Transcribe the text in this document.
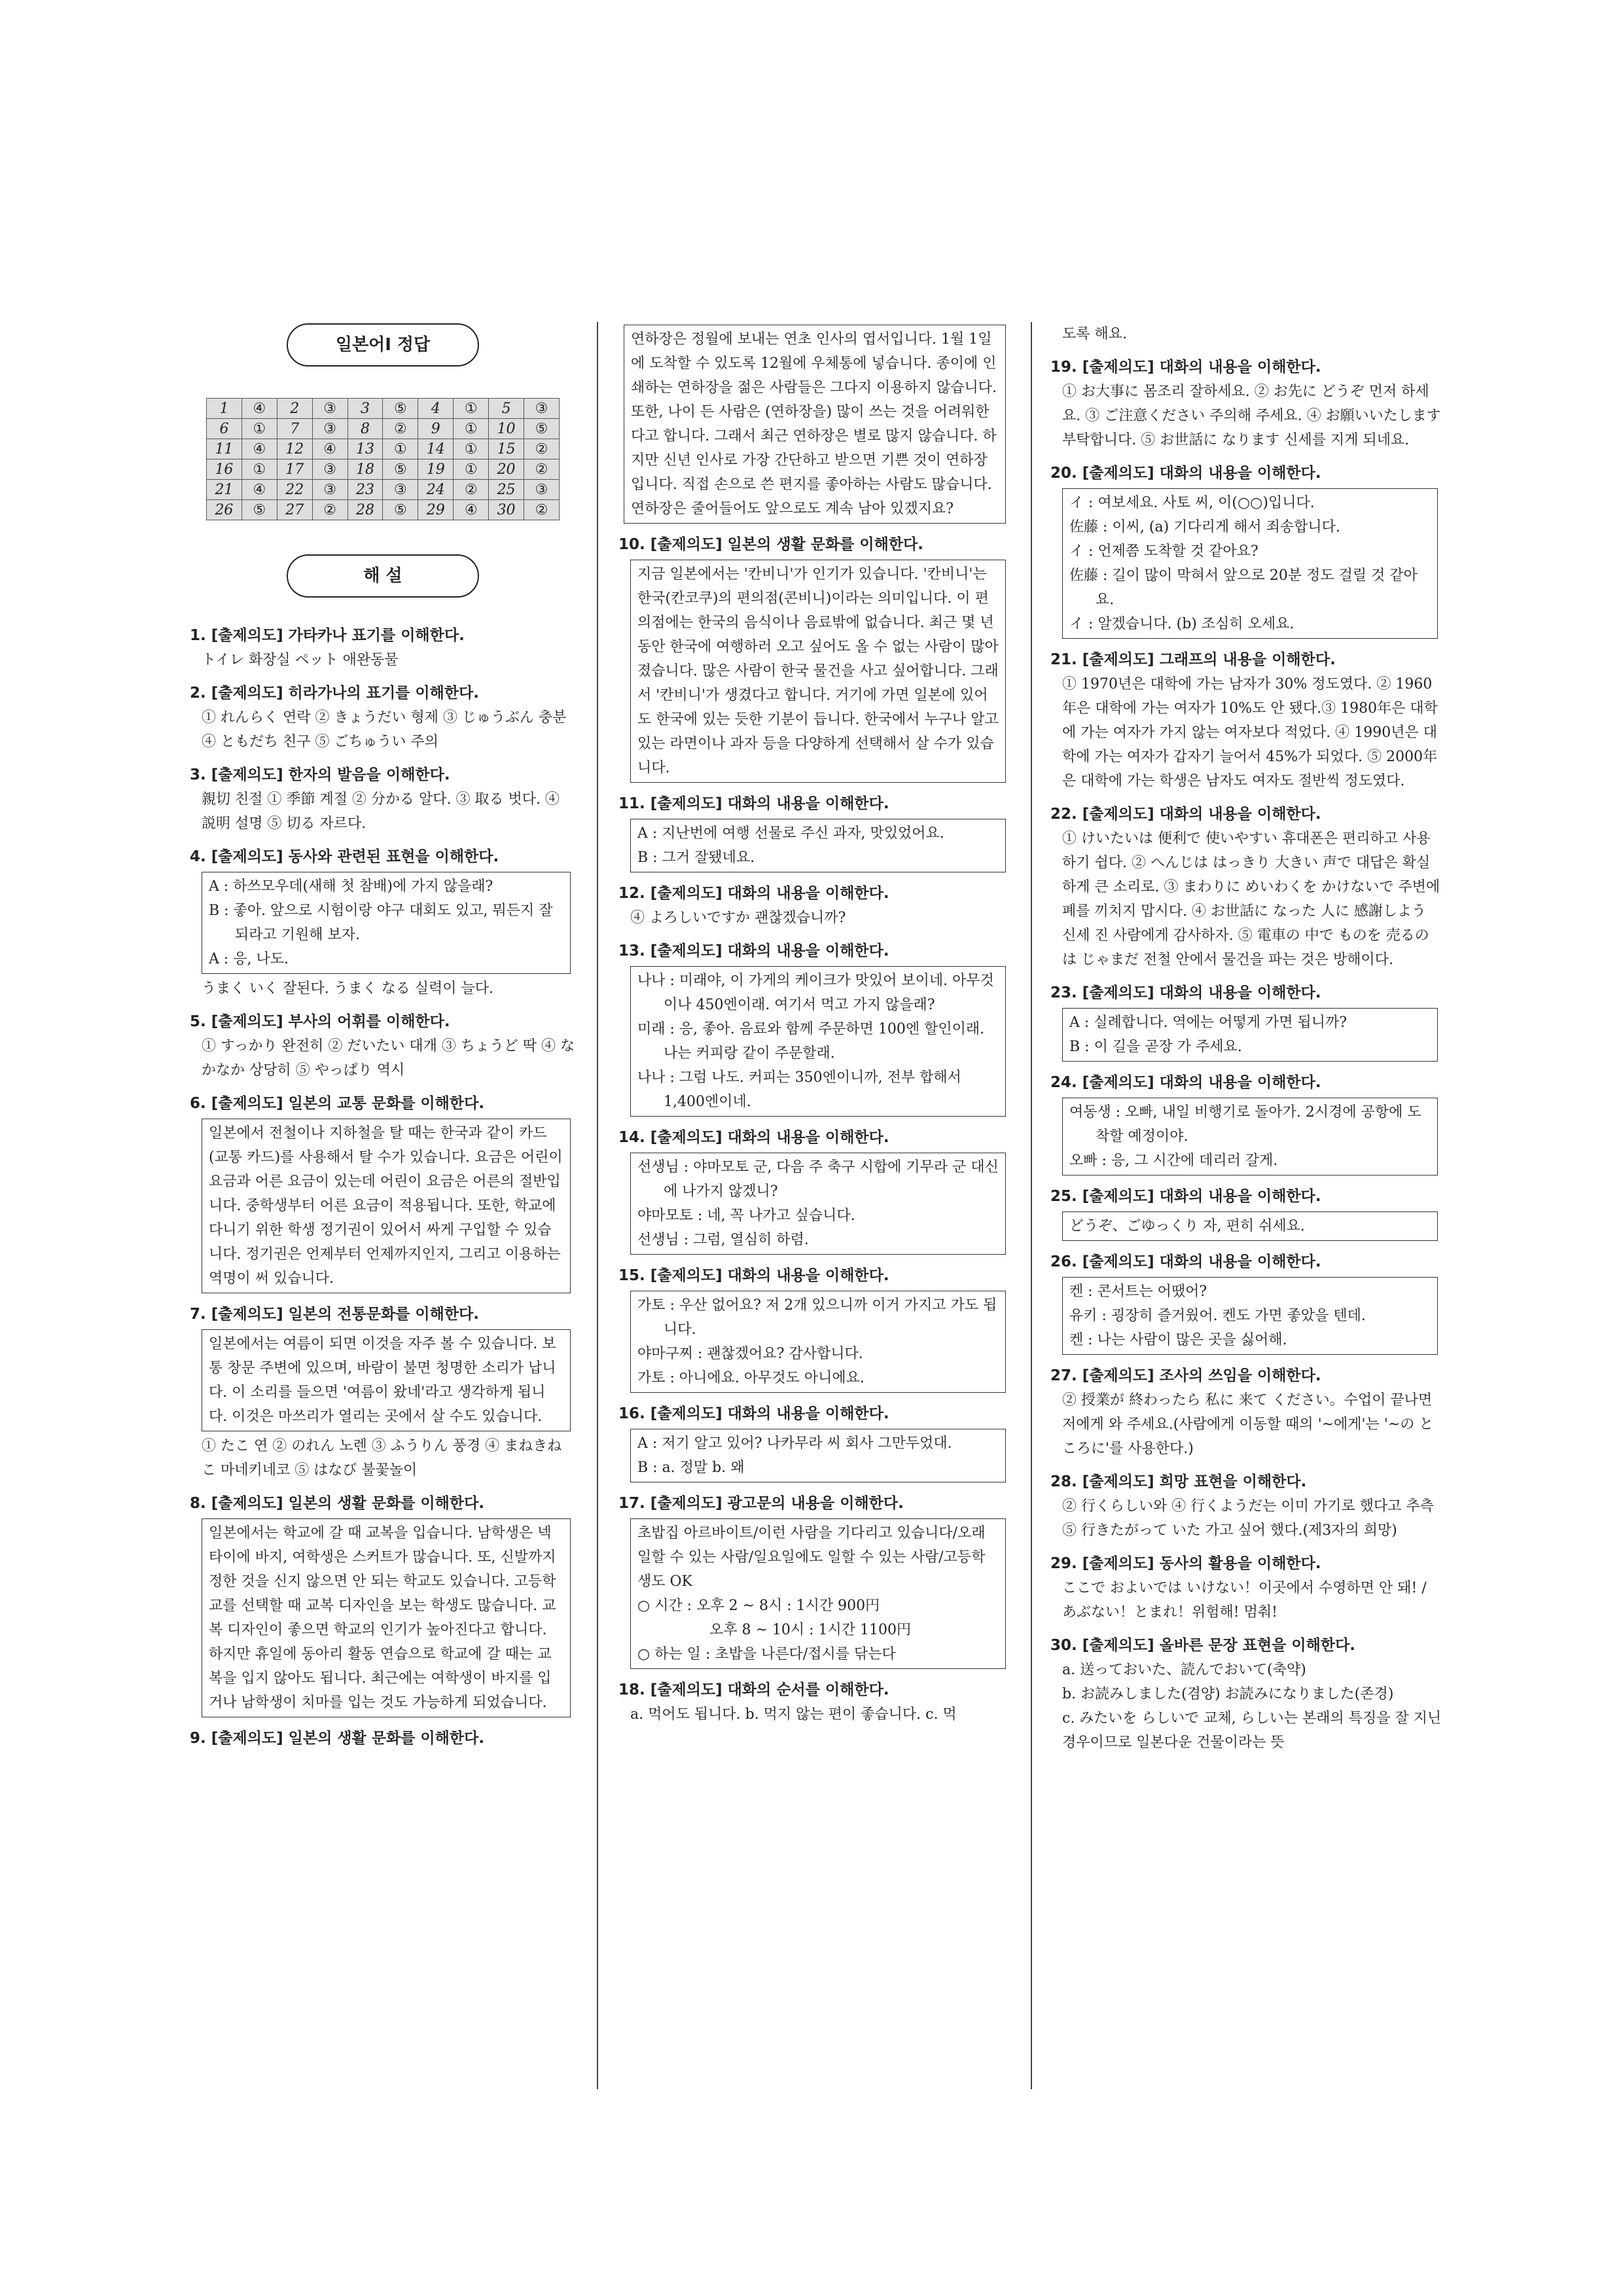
일본어Ⅰ 정답
1	④	2	③	3	⑤	4	①	5	③
6	①	7	③	8	②	9	①	10	⑤
11	④	12	④	13	①	14	①	15	②
16	①	17	③	18	⑤	19	①	20	②
21	④	22	③	23	③	24	②	25	③
26	⑤	27	②	28	⑤	29	④	30	②
해 설
1. [출제의도] 가타카나 표기를 이해한다.
トイレ 화장실 ペット 애완동물
2. [출제의도] 히라가나의 표기를 이해한다.
① れんらく 연락 ② きょうだい 형제 ③ じゅうぶん 충분 ④ ともだち 친구 ⑤ ごちゅうい 주의
3. [출제의도] 한자의 발음을 이해한다.
親切 친절 ① 季節 계절 ② 分かる 알다. ③ 取る 벗다. ④ 説明 설명 ⑤ 切る 자르다.
4. [출제의도] 동사와 관련된 표현을 이해한다.
A : 하쓰모우데(새해 첫 참배)에 가지 않을래?
B : 좋아. 앞으로 시험이랑 야구 대회도 있고, 뭐든지 잘 되라고 기원해 보자.
A : 응, 나도.
うまく いく 잘된다. うまく なる 실력이 늘다.
5. [출제의도] 부사의 어휘를 이해한다.
① すっかり 완전히 ② だいたい 대개 ③ ちょうど 딱 ④ なかなか 상당히 ⑤ やっぱり 역시
6. [출제의도] 일본의 교통 문화를 이해한다.
일본에서 전철이나 지하철을 탈 때는 한국과 같이 카드(교통 카드)를 사용해서 탈 수가 있습니다. 요금은 어린이 요금과 어른 요금이 있는데 어린이 요금은 어른의 절반입니다. 중학생부터 어른 요금이 적용됩니다. 또한, 학교에 다니기 위한 학생 정기권이 있어서 싸게 구입할 수 있습니다. 정기권은 언제부터 언제까지인지, 그리고 이용하는 역명이 써 있습니다.
7. [출제의도] 일본의 전통문화를 이해한다.
일본에서는 여름이 되면 이것을 자주 볼 수 있습니다. 보통 창문 주변에 있으며, 바람이 불면 청명한 소리가 납니다. 이 소리를 들으면 '여름이 왔네'라고 생각하게 됩니다. 이것은 마쓰리가 열리는 곳에서 살 수도 있습니다.
① たこ 연 ② のれん 노렌 ③ ふうりん 풍경 ④ まねきねこ 마네키네코 ⑤ はなび 불꽃놀이
8. [출제의도] 일본의 생활 문화를 이해한다.
일본에서는 학교에 갈 때 교복을 입습니다. 남학생은 넥타이에 바지, 여학생은 스커트가 많습니다. 또, 신발까지 정한 것을 신지 않으면 안 되는 학교도 있습니다. 고등학교를 선택할 때 교복 디자인을 보는 학생도 많습니다. 교복 디자인이 좋으면 학교의 인기가 높아진다고 합니다. 하지만 휴일에 동아리 활동 연습으로 학교에 갈 때는 교복을 입지 않아도 됩니다. 최근에는 여학생이 바지를 입거나 남학생이 치마를 입는 것도 가능하게 되었습니다.
9. [출제의도] 일본의 생활 문화를 이해한다.
연하장은 정월에 보내는 연초 인사의 엽서입니다. 1월 1일에 도착할 수 있도록 12월에 우체통에 넣습니다. 종이에 인쇄하는 연하장을 젊은 사람들은 그다지 이용하지 않습니다. 또한, 나이 든 사람은 (연하장을) 많이 쓰는 것을 어려워한다고 합니다. 그래서 최근 연하장은 별로 많지 않습니다. 하지만 신년 인사로 가장 간단하고 받으면 기쁜 것이 연하장입니다. 직접 손으로 쓴 편지를 좋아하는 사람도 많습니다. 연하장은 줄어들어도 앞으로도 계속 남아 있겠지요?
10. [출제의도] 일본의 생활 문화를 이해한다.
지금 일본에서는 '칸비니'가 인기가 있습니다. '칸비니'는 한국(칸코쿠)의 편의점(콘비니)이라는 의미입니다. 이 편의점에는 한국의 음식이나 음료밖에 없습니다. 최근 몇 년 동안 한국에 여행하러 오고 싶어도 올 수 없는 사람이 많아졌습니다. 많은 사람이 한국 물건을 사고 싶어합니다. 그래서 '칸비니'가 생겼다고 합니다. 거기에 가면 일본에 있어도 한국에 있는 듯한 기분이 듭니다. 한국에서 누구나 알고 있는 라면이나 과자 등을 다양하게 선택해서 살 수가 있습니다.
11. [출제의도] 대화의 내용을 이해한다.
A : 지난번에 여행 선물로 주신 과자, 맛있었어요.
B : 그거 잘됐네요.
12. [출제의도] 대화의 내용을 이해한다.
④ よろしいですか 괜찮겠습니까?
13. [출제의도] 대화의 내용을 이해한다.
나나 : 미래야, 이 가게의 케이크가 맛있어 보이네. 아무것이나 450엔이래. 여기서 먹고 가지 않을래?
미래 : 응, 좋아. 음료와 함께 주문하면 100엔 할인이래. 나는 커피랑 같이 주문할래.
나나 : 그럼 나도. 커피는 350엔이니까, 전부 합해서 1,400엔이네.
14. [출제의도] 대화의 내용을 이해한다.
선생님 : 야마모토 군, 다음 주 축구 시합에 기무라 군 대신에 나가지 않겠니?
야마모토 : 네, 꼭 나가고 싶습니다.
선생님 : 그럼, 열심히 하렴.
15. [출제의도] 대화의 내용을 이해한다.
가토 : 우산 없어요? 저 2개 있으니까 이거 가지고 가도 됩니다.
야마구찌 : 괜찮겠어요? 감사합니다.
가토 : 아니에요. 아무것도 아니에요.
16. [출제의도] 대화의 내용을 이해한다.
A : 저기 알고 있어? 나카무라 씨 회사 그만두었대.
B : a. 정말 b. 왜
17. [출제의도] 광고문의 내용을 이해한다.
초밥집 아르바이트/이런 사람을 기다리고 있습니다/오래 일할 수 있는 사람/일요일에도 일할 수 있는 사람/고등학생도 OK
○ 시간 : 오후 2 ~ 8시 : 1시간 900円
　　　　　오후 8 ~ 10시 : 1시간 1100円
○ 하는 일 : 초밥을 나른다/접시를 닦는다
18. [출제의도] 대화의 순서를 이해한다.
a. 먹어도 됩니다. b. 먹지 않는 편이 좋습니다. c. 먹
도록 해요.
19. [출제의도] 대화의 내용을 이해한다.
① お大事に 몸조리 잘하세요. ② お先に どうぞ 먼저 하세요. ③ ご注意ください 주의해 주세요. ④ お願いいたします 부탁합니다. ⑤ お世話に なります 신세를 지게 되네요.
20. [출제의도] 대화의 내용을 이해한다.
イ : 여보세요. 사토 씨, 이(○○)입니다.
佐藤 : 이씨, (a) 기다리게 해서 죄송합니다.
イ : 언제쯤 도착할 것 같아요?
佐藤 : 길이 많이 막혀서 앞으로 20분 정도 걸릴 것 같아요.
イ : 알겠습니다. (b) 조심히 오세요.
21. [출제의도] 그래프의 내용을 이해한다.
① 1970년은 대학에 가는 남자가 30% 정도였다. ② 1960年은 대학에 가는 여자가 10%도 안 됐다.③ 1980年은 대학에 가는 여자가 가지 않는 여자보다 적었다. ④ 1990년은 대학에 가는 여자가 갑자기 늘어서 45%가 되었다. ⑤ 2000年은 대학에 가는 학생은 남자도 여자도 절반씩 정도였다.
22. [출제의도] 대화의 내용을 이해한다.
① けいたいは 便利で 使いやすい 휴대폰은 편리하고 사용하기 쉽다. ② へんじは はっきり 大きい 声で 대답은 확실하게 큰 소리로. ③ まわりに めいわくを かけないで 주변에 폐를 끼치지 맙시다. ④ お世話に なった 人に 感謝しよう 신세 진 사람에게 감사하자. ⑤ 電車の 中で ものを 売るのは じゃまだ 전철 안에서 물건을 파는 것은 방해이다.
23. [출제의도] 대화의 내용을 이해한다.
A : 실례합니다. 역에는 어떻게 가면 됩니까?
B : 이 길을 곧장 가 주세요.
24. [출제의도] 대화의 내용을 이해한다.
여동생 : 오빠, 내일 비행기로 돌아가. 2시경에 공항에 도착할 예정이야.
오빠 : 응, 그 시간에 데리러 갈게.
25. [출제의도] 대화의 내용을 이해한다.
どうぞ、ごゆっくり 자, 편히 쉬세요.
26. [출제의도] 대화의 내용을 이해한다.
켄 : 콘서트는 어땠어?
유키 : 굉장히 즐거웠어. 켄도 가면 좋았을 텐데.
켄 : 나는 사람이 많은 곳을 싫어해.
27. [출제의도] 조사의 쓰임을 이해한다.
② 授業が 終わったら 私に 来て ください。수업이 끝나면 저에게 와 주세요.(사람에게 이동할 때의 '~에게'는 '~の ところに'를 사용한다.)
28. [출제의도] 희망 표현을 이해한다.
② 行くらしい와 ④ 行くようだ는 이미 가기로 했다고 추측 ⑤ 行きたがって いた 가고 싶어 했다.(제3자의 희망)
29. [출제의도] 동사의 활용을 이해한다.
ここで およいでは いけない！이곳에서 수영하면 안 돼! / あぶない！とまれ！위험해! 멈춰!
30. [출제의도] 올바른 문장 표현을 이해한다.
a. 送っておいた、読んでおいて(축약)
b. お読みしました(겸양) お読みになりました(존경)
c. みたいを らしいで 교체, らしい는 본래의 특징을 잘 지닌 경우이므로 일본다운 건물이라는 뜻
